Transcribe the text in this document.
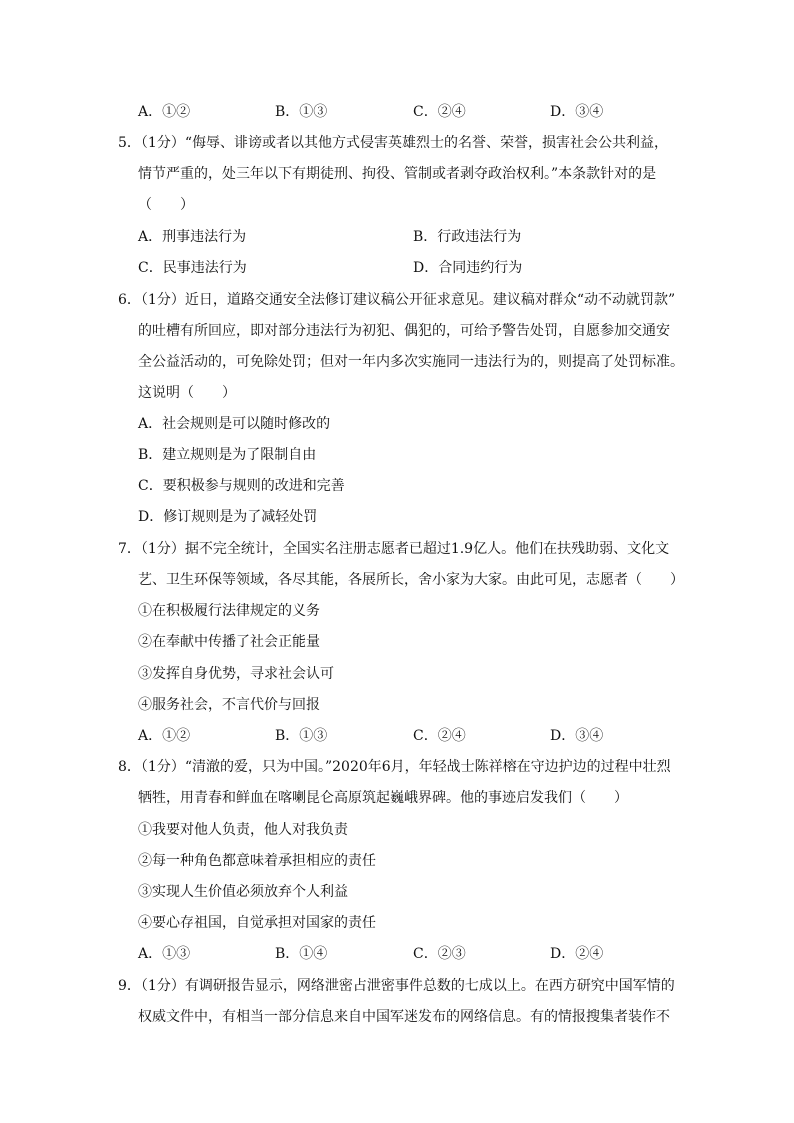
A．①②	B．①③	C．②④	D．③④
5．（1分）“侮辱、诽谤或者以其他方式侵害英雄烈士的名誉、荣誉，损害社会公共利益，
情节严重的，处三年以下有期徒刑、拘役、管制或者剥夺政治权利。”本条款针对的是
（　　）
A．刑事违法行为	B．行政违法行为
C．民事违法行为	D．合同违约行为
6．（1分）近日，道路交通安全法修订建议稿公开征求意见。建议稿对群众“动不动就罚款”
的吐槽有所回应，即对部分违法行为初犯、偶犯的，可给予警告处罚，自愿参加交通安
全公益活动的，可免除处罚；但对一年内多次实施同一违法行为的，则提高了处罚标准。
这说明（　　）
A．社会规则是可以随时修改的
B．建立规则是为了限制自由
C．要积极参与规则的改进和完善
D．修订规则是为了减轻处罚
7．（1分）据不完全统计，全国实名注册志愿者已超过1.9亿人。他们在扶残助弱、文化文
艺、卫生环保等领域，各尽其能，各展所长，舍小家为大家。由此可见，志愿者（　　）
①在积极履行法律规定的义务
②在奉献中传播了社会正能量
③发挥自身优势，寻求社会认可
④服务社会，不言代价与回报
A．①②	B．①③	C．②④	D．③④
8．（1分）“清澈的爱，只为中国。”2020年6月，年轻战士陈祥榕在守边护边的过程中壮烈
牺牲，用青春和鲜血在喀喇昆仑高原筑起巍峨界碑。他的事迹启发我们（　　）
①我要对他人负责，他人对我负责
②每一种角色都意味着承担相应的责任
③实现人生价值必须放弃个人利益
④要心存祖国，自觉承担对国家的责任
A．①③	B．①④	C．②③	D．②④
9．（1分）有调研报告显示，网络泄密占泄密事件总数的七成以上。在西方研究中国军情的
权威文件中，有相当一部分信息来自中国军迷发布的网络信息。有的情报搜集者装作不
